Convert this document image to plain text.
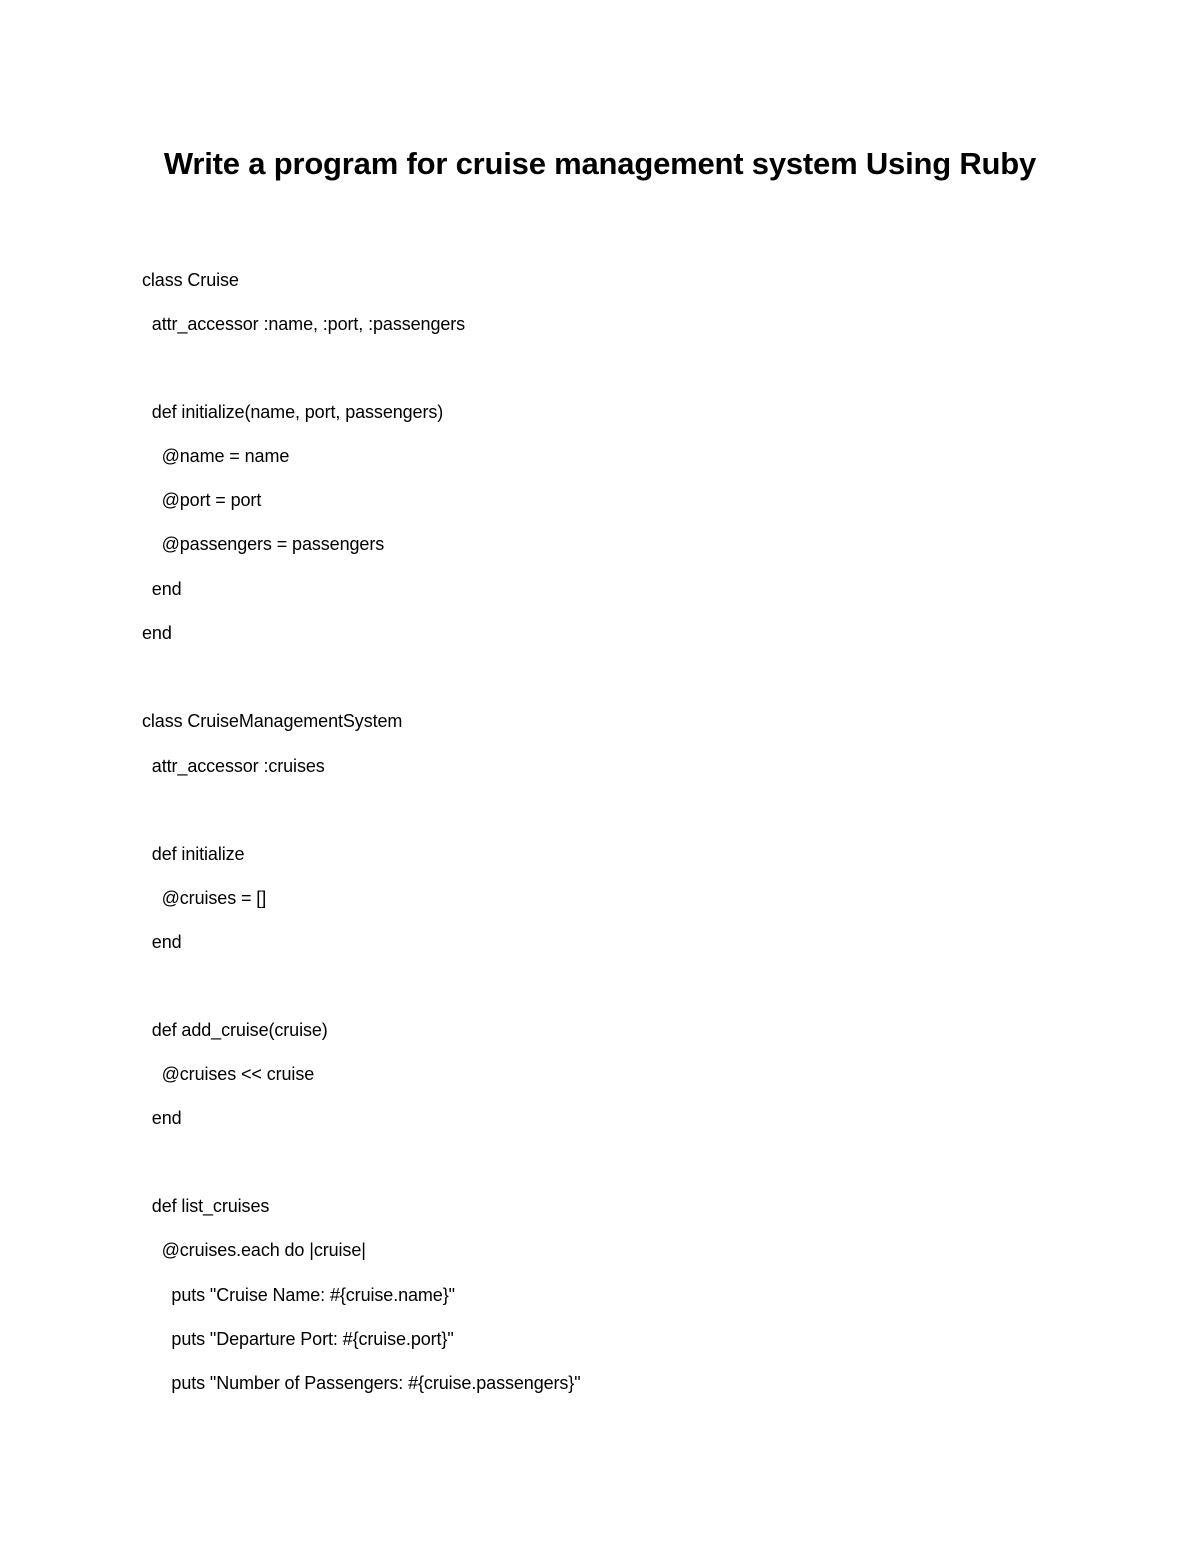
Write a program for cruise management system Using Ruby
class Cruise
attr_accessor :name, :port, :passengers
def initialize(name, port, passengers)
@name = name
@port = port
@passengers = passengers
end
end
class CruiseManagementSystem
attr_accessor :cruises
def initialize
@cruises = []
end
def add_cruise(cruise)
@cruises << cruise
end
def list_cruises
@cruises.each do |cruise|
puts "Cruise Name: #{cruise.name}"
puts "Departure Port: #{cruise.port}"
puts "Number of Passengers: #{cruise.passengers}"
